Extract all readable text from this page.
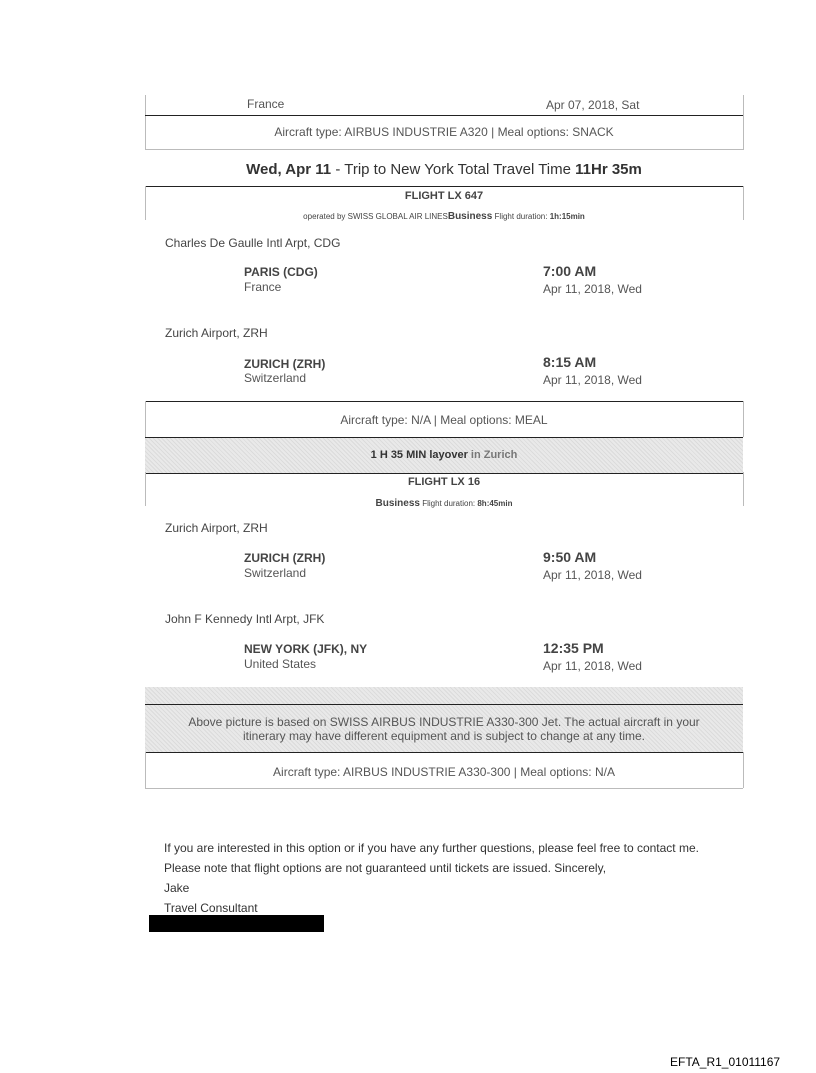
France	Apr 07, 2018, Sat
Aircraft type: AIRBUS INDUSTRIE A320 | Meal options: SNACK
Wed, Apr 11 - Trip to New York Total Travel Time 11Hr 35m
FLIGHT LX 647
operated by SWISS GLOBAL AIR LINESBusiness Flight duration: 1h:15min
Charles De Gaulle Intl Arpt, CDG
PARIS (CDG)
France
7:00 AM
Apr 11, 2018, Wed
Zurich Airport, ZRH
ZURICH (ZRH)
Switzerland
8:15 AM
Apr 11, 2018, Wed
Aircraft type: N/A | Meal options: MEAL
1 H 35 MIN layover in Zurich
FLIGHT LX 16
Business Flight duration: 8h:45min
Zurich Airport, ZRH
ZURICH (ZRH)
Switzerland
9:50 AM
Apr 11, 2018, Wed
John F Kennedy Intl Arpt, JFK
NEW YORK (JFK), NY
United States
12:35 PM
Apr 11, 2018, Wed
Above picture is based on SWISS AIRBUS INDUSTRIE A330-300 Jet. The actual aircraft in your
itinerary may have different equipment and is subject to change at any time.
Aircraft type: AIRBUS INDUSTRIE A330-300 | Meal options: N/A
If you are interested in this option or if you have any further questions, please feel free to contact me.
Please note that flight options are not guaranteed until tickets are issued. Sincerely,
Jake
Travel Consultant
EFTA_R1_01011167
